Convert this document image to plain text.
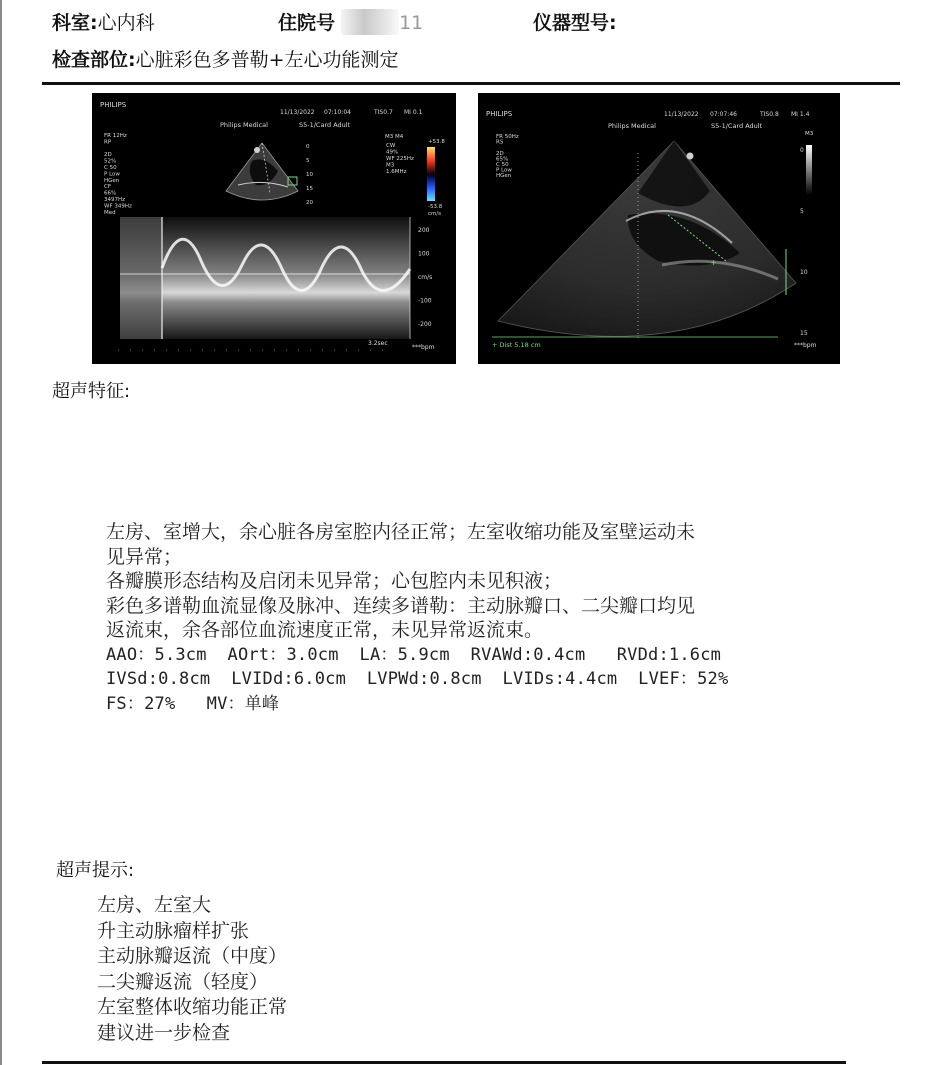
科室:心内科	住院号	11	仪器型号:
检查部位:心脏彩色多普勒+左心功能测定
PHILIPS
11/13/2022 07:10:04	TIS0.7 MI 0.1
Philips Medical	S5-1/Card Adult
FR 12Hz
RP
2D
52%
C 50
P Low
HGen
CF
66%
3497Hz
WF 349Hz
Med
0
5
10
15
20
M3 M4
+53.8
-53.8
cm/s
CW
49%
WF 225Hz
M3
1.6MHz
200
100
cm/s
-100
-200
3.2sec
***bpm
PHILIPS	11/13/2022 07:07:46	TIS0.8 MI 1.4
Philips Medical	S5-1/Card Adult
FR 50Hz
RS
2D
65%
C 50
P Low
HGen
M3
+
0
5
10
15
+ Dist 5.18 cm	***bpm
超声特征:
左房、室增大，余心脏各房室腔内径正常；左室收缩功能及室壁运动未
见异常；
各瓣膜形态结构及启闭未见异常；心包腔内未见积液；
彩色多谱勒血流显像及脉冲、连续多谱勒：主动脉瓣口、二尖瓣口均见
返流束，余各部位血流速度正常，未见异常返流束。
AAO：5.3cm  AOrt：3.0cm  LA：5.9cm  RVAWd:0.4cm   RVDd:1.6cm
IVSd:0.8cm  LVIDd:6.0cm  LVPWd:0.8cm  LVIDs:4.4cm  LVEF：52%
FS：27%   MV：单峰
超声提示:
左房、左室大
升主动脉瘤样扩张
主动脉瓣返流（中度）
二尖瓣返流（轻度）
左室整体收缩功能正常
建议进一步检查
